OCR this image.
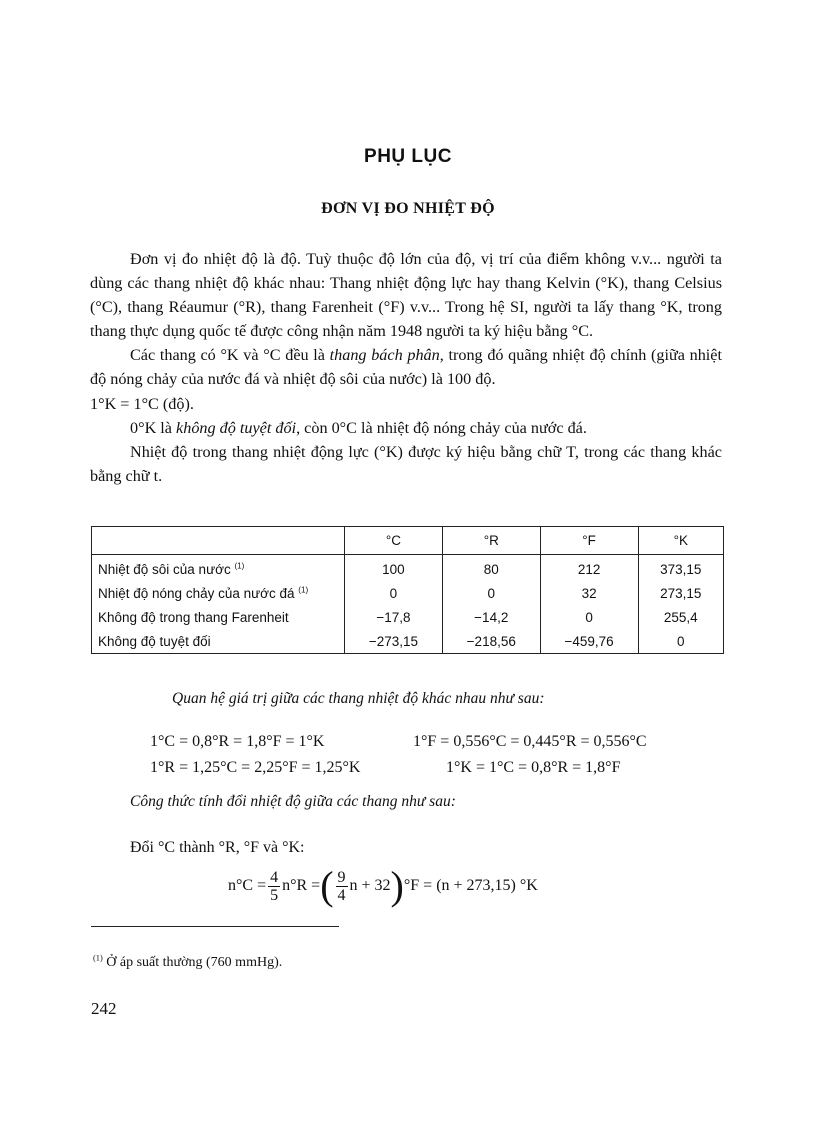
PHỤ LỤC
ĐƠN VỊ ĐO NHIỆT ĐỘ

Đơn vị đo nhiệt độ là độ. Tuỳ thuộc độ lớn của độ, vị trí của điểm không v.v... người ta dùng các thang nhiệt độ khác nhau: Thang nhiệt động lực hay thang Kelvin (°K), thang Celsius (°C), thang Réaumur (°R), thang Farenheit (°F) v.v... Trong hệ SI, người ta lấy thang °K, trong thang thực dụng quốc tế được công nhận năm 1948 người ta ký hiệu bằng °C.

Các thang có °K và °C đều là thang bách phân, trong đó quãng nhiệt độ chính (giữa nhiệt độ nóng chảy của nước đá và nhiệt độ sôi của nước) là 100 độ.

1°K = 1°C (độ).

0°K là không độ tuyệt đối, còn 0°C là nhiệt độ nóng chảy của nước đá.

Nhiệt độ trong thang nhiệt động lực (°K) được ký hiệu bằng chữ T, trong các thang khác bằng chữ t.

	°C	°R	°F	°K
Nhiệt độ sôi của nước $^{(1)}$	100	80	212	373,15
Nhiệt độ nóng chảy của nước đá $^{(1)}$	0	0	32	273,15
Không độ trong thang Farenheit	−17,8	−14,2	0	255,4
Không độ tuyệt đối	−273,15	−218,56	−459,76	0
Quan hệ giá trị giữa các thang nhiệt độ khác nhau như sau:
1°C = 0,8°R = 1,8°F = 1°K	1°F = 0,556°C = 0,445°R = 0,556°C
1°R = 1,25°C = 2,25°F = 1,25°K	1°K = 1°C = 0,8°R = 1,8°F
Công thức tính đổi nhiệt độ giữa các thang như sau:
Đổi °C thành °R, °F và °K:
$n^\circ C = \frac{4}{5} n^\circ R$ = ( $\frac{9}{4}$ n + 32 ) °F = (n + 273,15) °K
$^{(1)}$ Ở áp suất thường (760 mmHg).
242
